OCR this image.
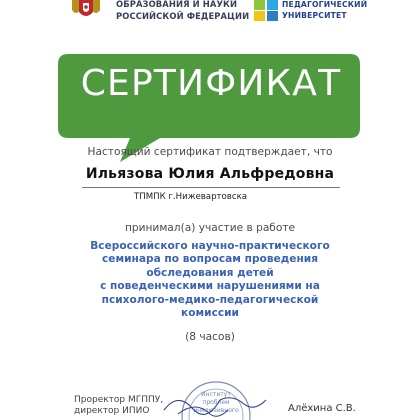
ОБРАЗОВАНИЯ И НАУКИ
РОССИЙСКОЙ ФЕДЕРАЦИИ
ПЕДАГОГИЧЕСКИЙ
УНИВЕРСИТЕТ
СЕРТИФИКАТ
Настоящий сертификат подтверждает, что
Ильязова Юлия Альфредовна
ТПМПК г.Нижевартовска
принимал(а) участие в работе
Всероссийского научно-практического
семинара по вопросам проведения
обследования детей
с поведенческими нарушениями на
психолого-медико-педагогической
комиссии
(8 часов)
Проректор МГППУ,
директор ИПИО
Институт
проблем
инклюзивного	Алёхина С.В.
